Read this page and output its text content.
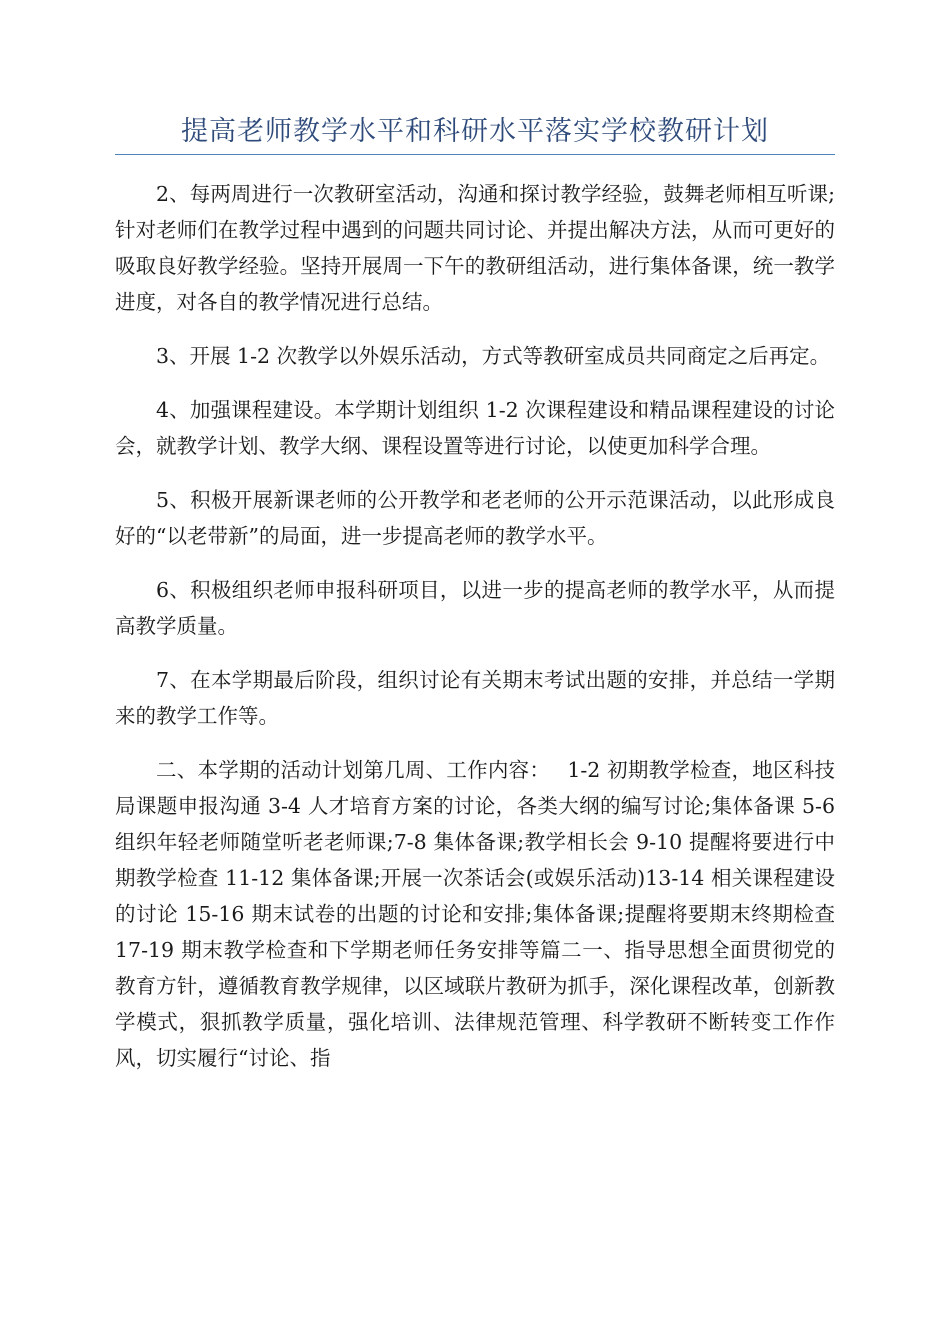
提高老师教学水平和科研水平落实学校教研计划

2、每两周进行一次教研室活动，沟通和探讨教学经验，鼓舞老师相互听课;针对老师们在教学过程中遇到的问题共同讨论、并提出解决方法，从而可更好的吸取良好教学经验。坚持开展周一下午的教研组活动，进行集体备课，统一教学进度，对各自的教学情况进行总结。

3、开展 1-2 次教学以外娱乐活动，方式等教研室成员共同商定之后再定。

4、加强课程建设。本学期计划组织 1-2 次课程建设和精品课程建设的讨论会，就教学计划、教学大纲、课程设置等进行讨论，以使更加科学合理。

5、积极开展新课老师的公开教学和老老师的公开示范课活动，以此形成良好的“以老带新”的局面，进一步提高老师的教学水平。

6、积极组织老师申报科研项目，以进一步的提高老师的教学水平，从而提高教学质量。

7、在本学期最后阶段，组织讨论有关期末考试出题的安排，并总结一学期来的教学工作等。

二、本学期的活动计划第几周、工作内容：　 1-2 初期教学检查，地区科技局课题申报沟通 3-4 人才培育方案的讨论，各类大纲的编写讨论;集体备课 5-6 组织年轻老师随堂听老老师课;7-8 集体备课;教学相长会 9-10 提醒将要进行中期教学检查 11-12 集体备课;开展一次茶话会(或娱乐活动)13-14 相关课程建设的讨论 15-16 期末试卷的出题的讨论和安排;集体备课;提醒将要期末终期检查 17-19 期末教学检查和下学期老师任务安排等篇二一、指导思想全面贯彻党的教育方针，遵循教育教学规律，以区域联片教研为抓手，深化课程改革，创新教学模式，狠抓教学质量，强化培训、法律规范管理、科学教研不断转变工作作风，切实履行“讨论、指
